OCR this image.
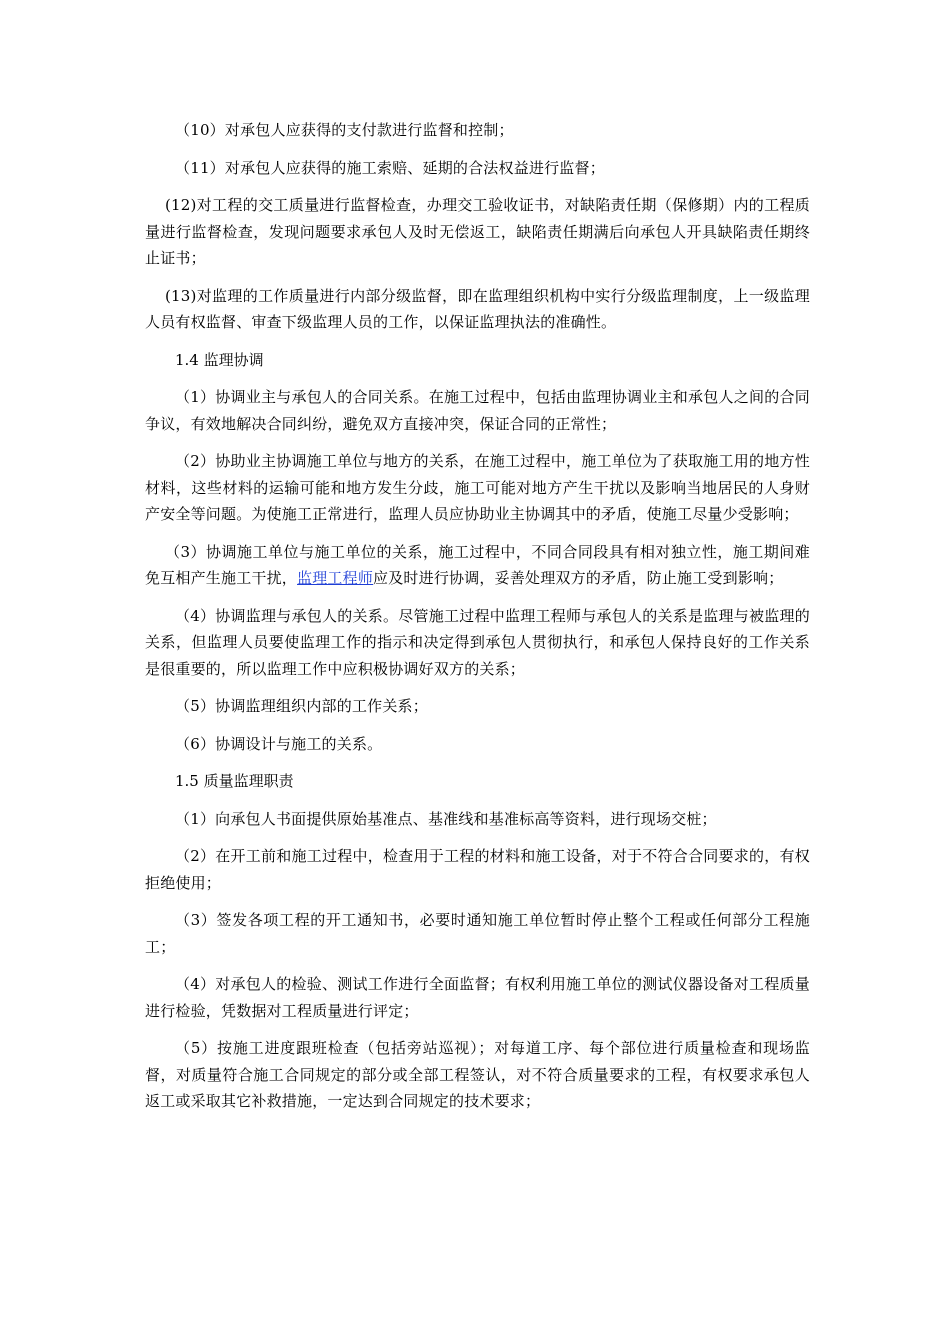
（10）对承包人应获得的支付款进行监督和控制；

（11）对承包人应获得的施工索赔、延期的合法权益进行监督；

(12)对工程的交工质量进行监督检查，办理交工验收证书，对缺陷责任期（保修期）内的工程质量进行监督检查，发现问题要求承包人及时无偿返工，缺陷责任期满后向承包人开具缺陷责任期终止证书；

(13)对监理的工作质量进行内部分级监督，即在监理组织机构中实行分级监理制度，上一级监理人员有权监督、审查下级监理人员的工作，以保证监理执法的准确性。

1.4 监理协调

（1）协调业主与承包人的合同关系。在施工过程中，包括由监理协调业主和承包人之间的合同争议，有效地解决合同纠纷，避免双方直接冲突，保证合同的正常性；

（2）协助业主协调施工单位与地方的关系，在施工过程中，施工单位为了获取施工用的地方性材料，这些材料的运输可能和地方发生分歧，施工可能对地方产生干扰以及影响当地居民的人身财产安全等问题。为使施工正常进行，监理人员应协助业主协调其中的矛盾，使施工尽量少受影响；

（3）协调施工单位与施工单位的关系，施工过程中，不同合同段具有相对独立性，施工期间难免互相产生施工干扰，监理工程师应及时进行协调，妥善处理双方的矛盾，防止施工受到影响；

（4）协调监理与承包人的关系。尽管施工过程中监理工程师与承包人的关系是监理与被监理的关系，但监理人员要使监理工作的指示和决定得到承包人贯彻执行，和承包人保持良好的工作关系是很重要的，所以监理工作中应积极协调好双方的关系；

（5）协调监理组织内部的工作关系；

（6）协调设计与施工的关系。

1.5 质量监理职责

（1）向承包人书面提供原始基准点、基准线和基准标高等资料，进行现场交桩；

（2）在开工前和施工过程中，检查用于工程的材料和施工设备，对于不符合合同要求的，有权拒绝使用；

（3）签发各项工程的开工通知书，必要时通知施工单位暂时停止整个工程或任何部分工程施工；

（4）对承包人的检验、测试工作进行全面监督；有权利用施工单位的测试仪器设备对工程质量进行检验，凭数据对工程质量进行评定；

（5）按施工进度跟班检查（包括旁站巡视）；对每道工序、每个部位进行质量检查和现场监督，对质量符合施工合同规定的部分或全部工程签认，对不符合质量要求的工程，有权要求承包人返工或采取其它补救措施，一定达到合同规定的技术要求；
